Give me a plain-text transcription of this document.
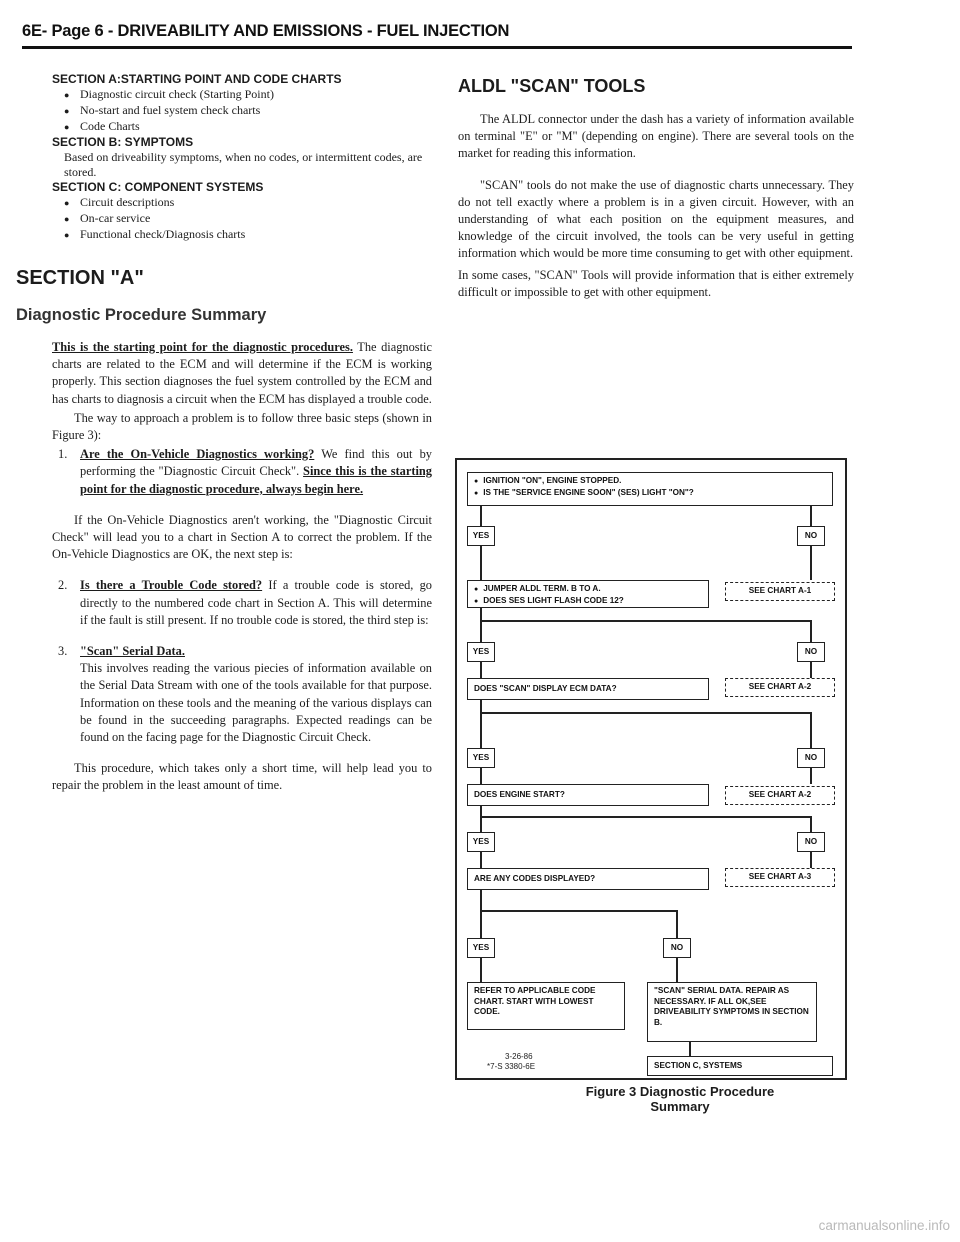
6E- Page 6 - DRIVEABILITY AND EMISSIONS - FUEL INJECTION

SECTION A:STARTING POINT AND CODE CHARTS

● Diagnostic circuit check (Starting Point)
● No-start and fuel system check charts
● Code Charts

SECTION B: SYMPTOMS

Based on driveability symptoms, when no codes, or intermittent codes, are stored.

SECTION C: COMPONENT SYSTEMS

● Circuit descriptions
● On-car service
● Functional check/Diagnosis charts
SECTION "A"
Diagnostic Procedure Summary

This is the starting point for the diagnostic procedures. The diagnostic charts are related to the ECM and will determine if the ECM is working properly. This section diagnoses the fuel system controlled by the ECM and has charts to diagnosis a circuit when the ECM has displayed a trouble code.

The way to approach a problem is to follow three basic steps (shown in Figure 3):

1.	Are the On-Vehicle Diagnostics working? We find this out by performing the "Diagnostic Circuit Check". Since this is the starting point for the diagnostic procedure, always begin here.

If the On-Vehicle Diagnostics aren't working, the "Diagnostic Circuit Check" will lead you to a chart in Section A to correct the problem. If the On-Vehicle Diagnostics are OK, the next step is:

2.	Is there a Trouble Code stored? If a trouble code is stored, go directly to the numbered code chart in Section A. This will determine if the fault is still present. If no trouble code is stored, the third step is:
3.	"Scan" Serial Data.
This involves reading the various piecies of information available on the Serial Data Stream with one of the tools available for that purpose. Information on these tools and the meaning of the various displays can be found in the succeeding paragraphs. Expected readings can be found on the facing page for the Diagnostic Circuit Check.

This procedure, which takes only a short time, will help lead you to repair the problem in the least amount of time.

ALDL "SCAN" TOOLS

The ALDL connector under the dash has a variety of information available on terminal "E" or "M" (depending on engine). There are several tools on the market for reading this information.

"SCAN" tools do not make the use of diagnostic charts unnecessary. They do not tell exactly where a problem is in a given circuit. However, with an understanding of what each position on the equipment measures, and knowledge of the circuit involved, the tools can be very useful in getting information which would be more time consuming to get with other equipment.

In some cases, "SCAN" Tools will provide information that is either extremely difficult or impossible to get with other equipment.

● IGNITION "ON", ENGINE STOPPED.
● IS THE "SERVICE ENGINE SOON" (SES) LIGHT "ON"?
YES	NO
● JUMPER ALDL TERM. B TO A.
● DOES SES LIGHT FLASH CODE 12?
SEE CHART A-1
YES	NO
DOES "SCAN" DISPLAY ECM DATA?	SEE CHART A-2
YES	NO
DOES ENGINE START?	SEE CHART A-2
YES	NO
ARE ANY CODES DISPLAYED?	SEE CHART A-3
YES	NO
REFER TO APPLICABLE CODE CHART. START WITH LOWEST CODE.
"SCAN" SERIAL DATA. REPAIR AS NECESSARY. IF ALL OK,SEE DRIVEABILITY SYMPTOMS IN SECTION B.
SECTION C, SYSTEMS
3-26-86
*7-S 3380-6E
Figure 3 Diagnostic Procedure Summary
carmanualsonline.info
